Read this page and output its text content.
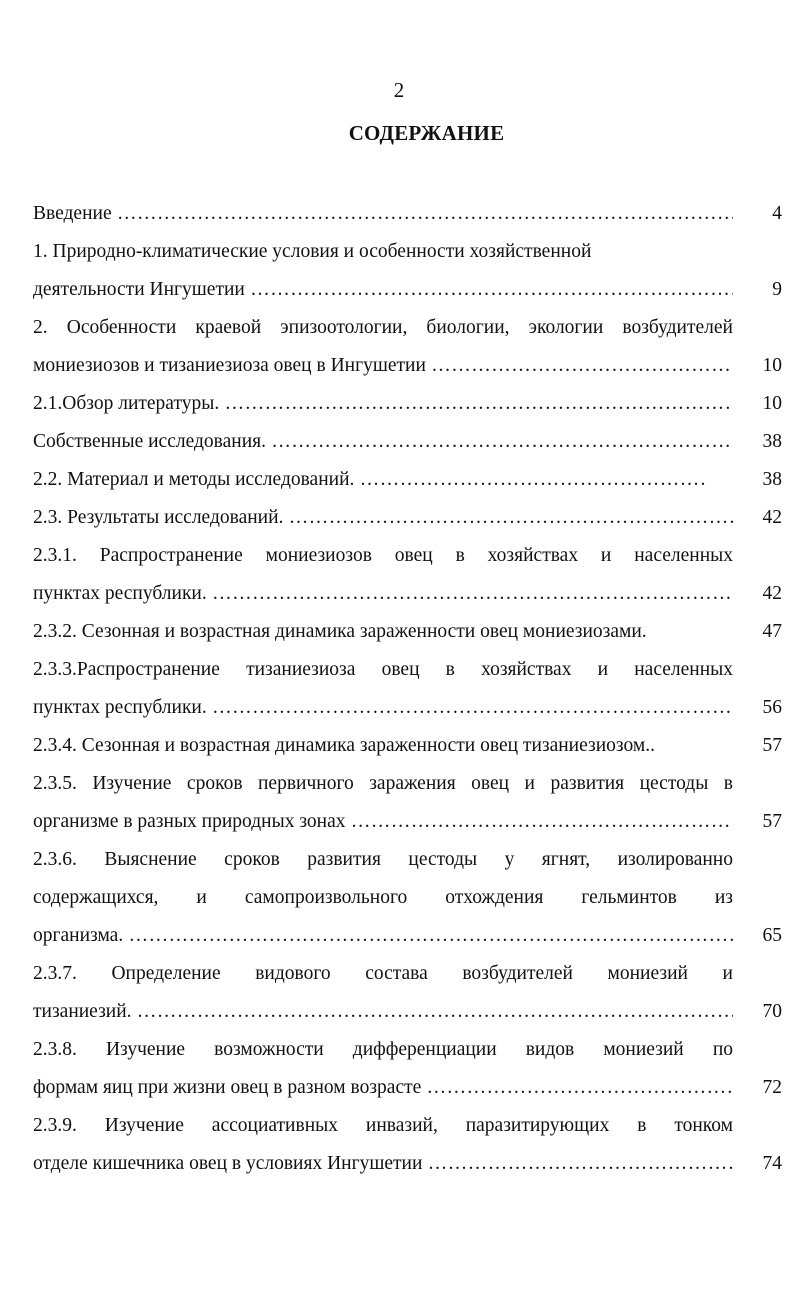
2
СОДЕРЖАНИЕ
Введение …………………………………………………………………………………………………………………………	4
1. Природно-климатические условия и особенности хозяйственной
деятельности Ингушетии …………………………………………………………………………………………………………………………	9
2. Особенности краевой эпизоотологии, биологии, экологии возбудителей
мониезиозов и тизаниезиоза овец в Ингушетии …………………………………………………………………………………………………………………………	10
2.1.Обзор литературы. …………………………………………………………………………………………………………………………	10
Собственные исследования. …………………………………………………………………………………………………………………………	38
2.2. Материал и методы исследований. …………………………………………………………………………………………………………………………	38
2.3. Результаты исследований. …………………………………………………………………………………………………………………………	42
2.3.1. Распространение мониезиозов овец в хозяйствах и населенных
пунктах республики. …………………………………………………………………………………………………………………………	42
2.3.2. Сезонная и возрастная динамика зараженности овец мониезиозами.	47
2.3.3.Распространение тизаниезиоза овец в хозяйствах и населенных
пунктах республики. …………………………………………………………………………………………………………………………	56
2.3.4. Сезонная и возрастная динамика зараженности овец тизаниезиозом..	57
2.3.5. Изучение сроков первичного заражения овец и развития цестоды в
организме в разных природных зонах …………………………………………………………………………………………………………………………	57
2.3.6. Выяснение сроков развития цестоды у ягнят, изолированно
содержащихся, и самопроизвольного отхождения гельминтов из
организма. …………………………………………………………………………………………………………………………	65
2.3.7. Определение видового состава возбудителей мониезий и
тизаниезий. …………………………………………………………………………………………………………………………	70
2.3.8. Изучение возможности дифференциации видов мониезий по
формам яиц при жизни овец в разном возрасте …………………………………………………………………………………………………………………………	72
2.3.9. Изучение ассоциативных инвазий, паразитирующих в тонком
отделе кишечника овец в условиях Ингушетии …………………………………………………………………………………………………………………………	74
